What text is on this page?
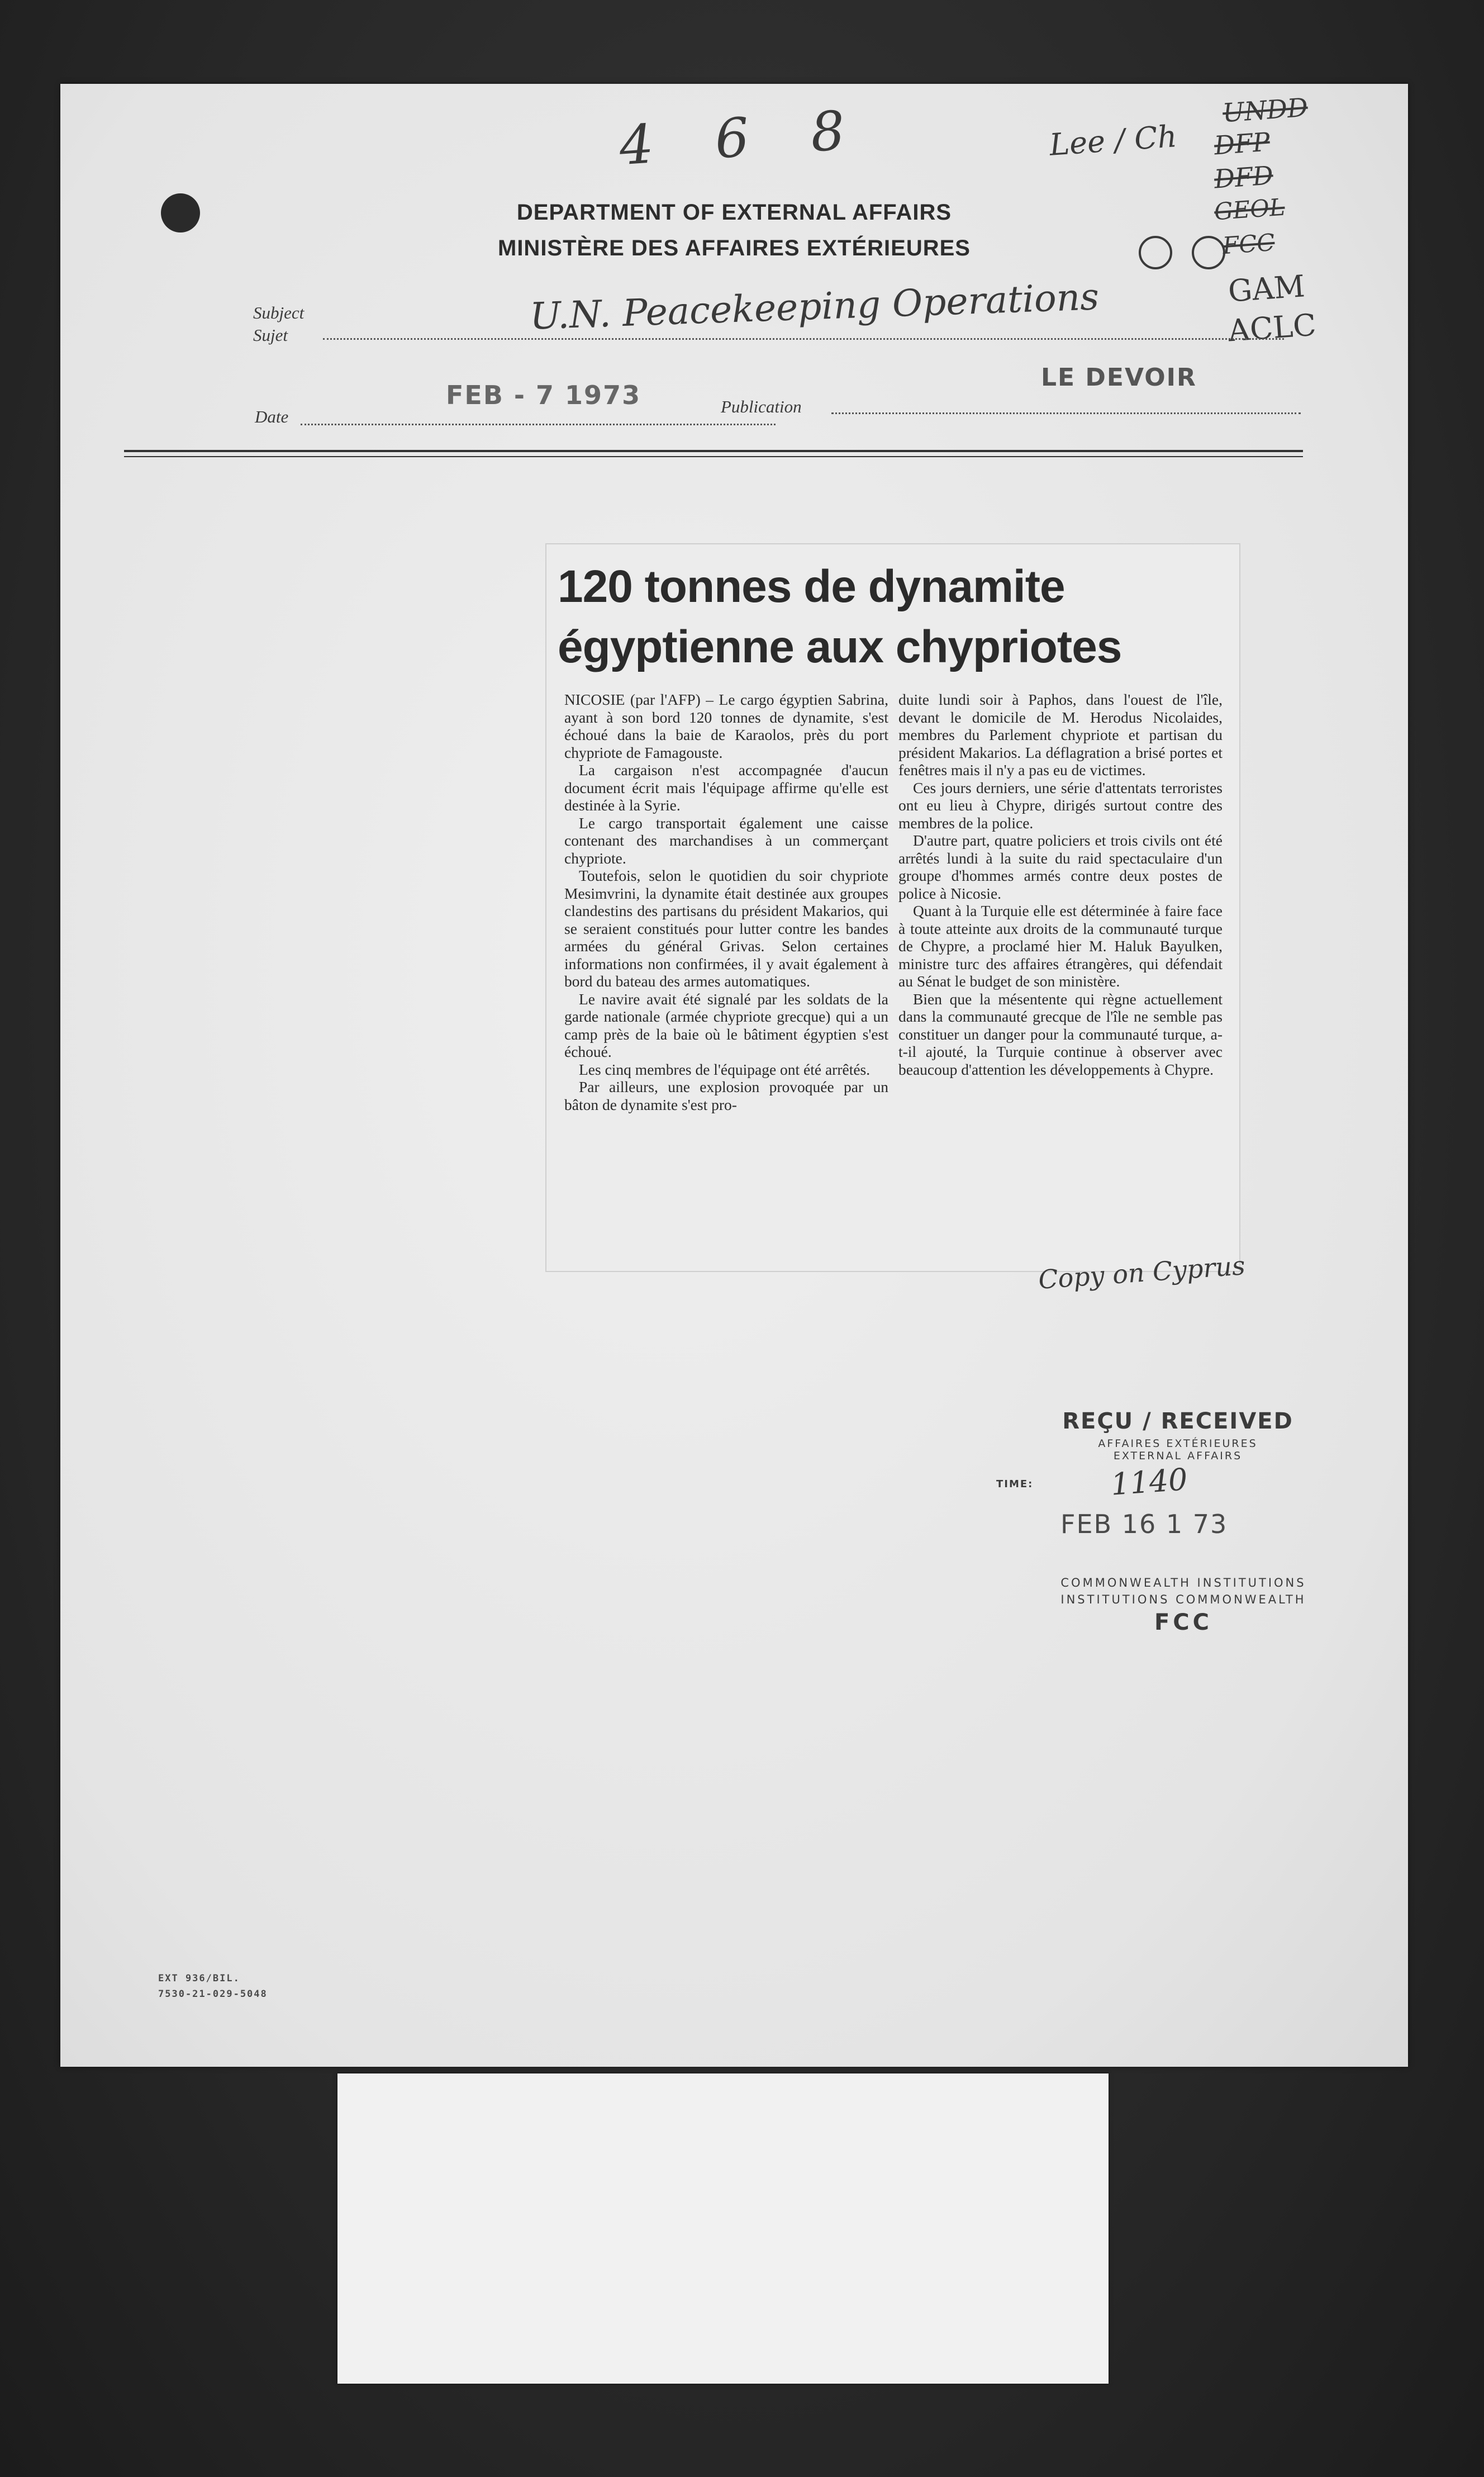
4 6 8	Lee / Ch
UNDD
DFP
DFD
GEOL
FCC
GAM
ACLC
DEPARTMENT OF EXTERNAL AFFAIRS
MINISTÈRE DES AFFAIRES EXTÉRIEURES
Subject
Sujet	U.N. Peacekeeping Operations
Date
FEB - 7 1973	Publication
LE DEVOIR
120 tonnes de dynamite
égyptienne aux chypriotes

NICOSIE (par l'AFP) – Le cargo égyptien Sabrina, ayant à son bord 120 tonnes de dynamite, s'est échoué dans la baie de Karaolos, près du port chypriote de Famagouste.

La cargaison n'est accompagnée d'aucun document écrit mais l'équipage affirme qu'elle est destinée à la Syrie.

Le cargo transportait également une caisse contenant des marchandises à un commerçant chypriote.

Toutefois, selon le quotidien du soir chypriote Mesimvrini, la dynamite était destinée aux groupes clandestins des partisans du président Makarios, qui se seraient constitués pour lutter contre les bandes armées du général Grivas. Selon certaines informations non confirmées, il y avait également à bord du bateau des armes automatiques.

Le navire avait été signalé par les soldats de la garde nationale (armée chypriote grecque) qui a un camp près de la baie où le bâtiment égyptien s'est échoué.

Les cinq membres de l'équipage ont été arrêtés.

Par ailleurs, une explosion provoquée par un bâton de dynamite s'est pro-

duite lundi soir à Paphos, dans l'ouest de l'île, devant le domicile de M. Herodus Nicolaides, membres du Parlement chypriote et partisan du président Makarios. La déflagration a brisé portes et fenêtres mais il n'y a pas eu de victimes.

Ces jours derniers, une série d'attentats terroristes ont eu lieu à Chypre, dirigés surtout contre des membres de la police.

D'autre part, quatre policiers et trois civils ont été arrêtés lundi à la suite du raid spectaculaire d'un groupe d'hommes armés contre deux postes de police à Nicosie.

Quant à la Turquie elle est déterminée à faire face à toute atteinte aux droits de la communauté turque de Chypre, a proclamé hier M. Haluk Bayulken, ministre turc des affaires étrangères, qui défendait au Sénat le budget de son ministère.

Bien que la mésentente qui règne actuellement dans la communauté grecque de l'île ne semble pas constituer un danger pour la communauté turque, a-t-il ajouté, la Turquie continue à observer avec beaucoup d'attention les développements à Chypre.

Copy on Cyprus
REÇU / RECEIVED
AFFAIRES EXTÉRIEURES
EXTERNAL AFFAIRS
TIME:	1140
FEB 16 1 73
COMMONWEALTH INSTITUTIONS
INSTITUTIONS COMMONWEALTH
FCC
EXT 936/BIL.
7530-21-029-5048
